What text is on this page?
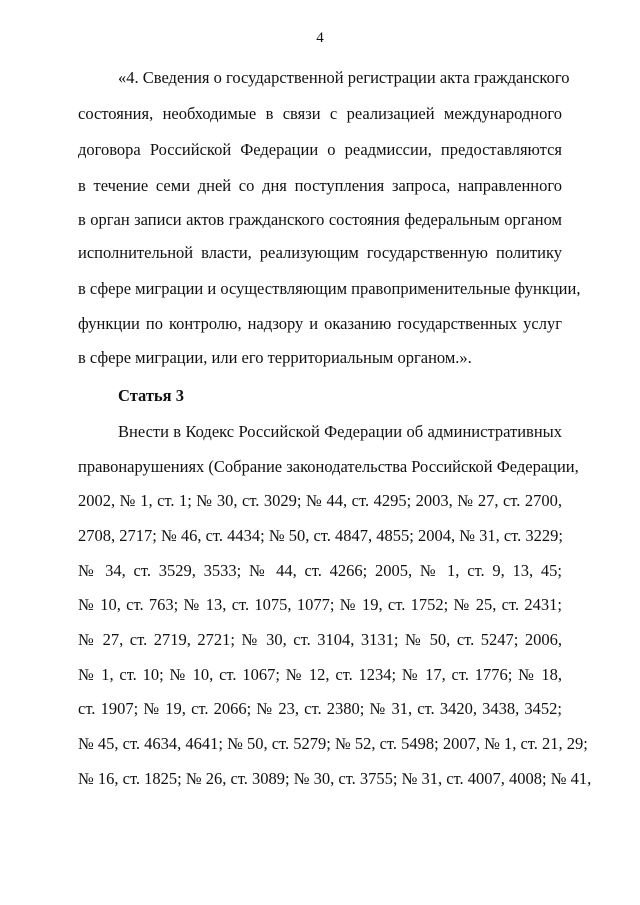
4
«4. Сведения о государственной регистрации акта гражданского
состояния, необходимые в связи с реализацией международного
договора Российской Федерации о реадмиссии, предоставляются
в течение семи дней со дня поступления запроса, направленного
в орган записи актов гражданского состояния федеральным органом
исполнительной власти, реализующим государственную политику
в сфере миграции и осуществляющим правоприменительные функции,
функции по контролю, надзору и оказанию государственных услуг
в сфере миграции, или его территориальным органом.».
Статья 3
Внести в Кодекс Российской Федерации об административных
правонарушениях (Собрание законодательства Российской Федерации,
2002, № 1, ст. 1; № 30, ст. 3029; № 44, ст. 4295; 2003, № 27, ст. 2700,
2708, 2717; № 46, ст. 4434; № 50, ст. 4847, 4855; 2004, № 31, ст. 3229;
№ 34, ст. 3529, 3533; № 44, ст. 4266; 2005, № 1, ст. 9, 13, 45;
№ 10, ст. 763; № 13, ст. 1075, 1077; № 19, ст. 1752; № 25, ст. 2431;
№ 27, ст. 2719, 2721; № 30, ст. 3104, 3131; № 50, ст. 5247; 2006,
№ 1, ст. 10; № 10, ст. 1067; № 12, ст. 1234; № 17, ст. 1776; № 18,
ст. 1907; № 19, ст. 2066; № 23, ст. 2380; № 31, ст. 3420, 3438, 3452;
№ 45, ст. 4634, 4641; № 50, ст. 5279; № 52, ст. 5498; 2007, № 1, ст. 21, 29;
№ 16, ст. 1825; № 26, ст. 3089; № 30, ст. 3755; № 31, ст. 4007, 4008; № 41,
